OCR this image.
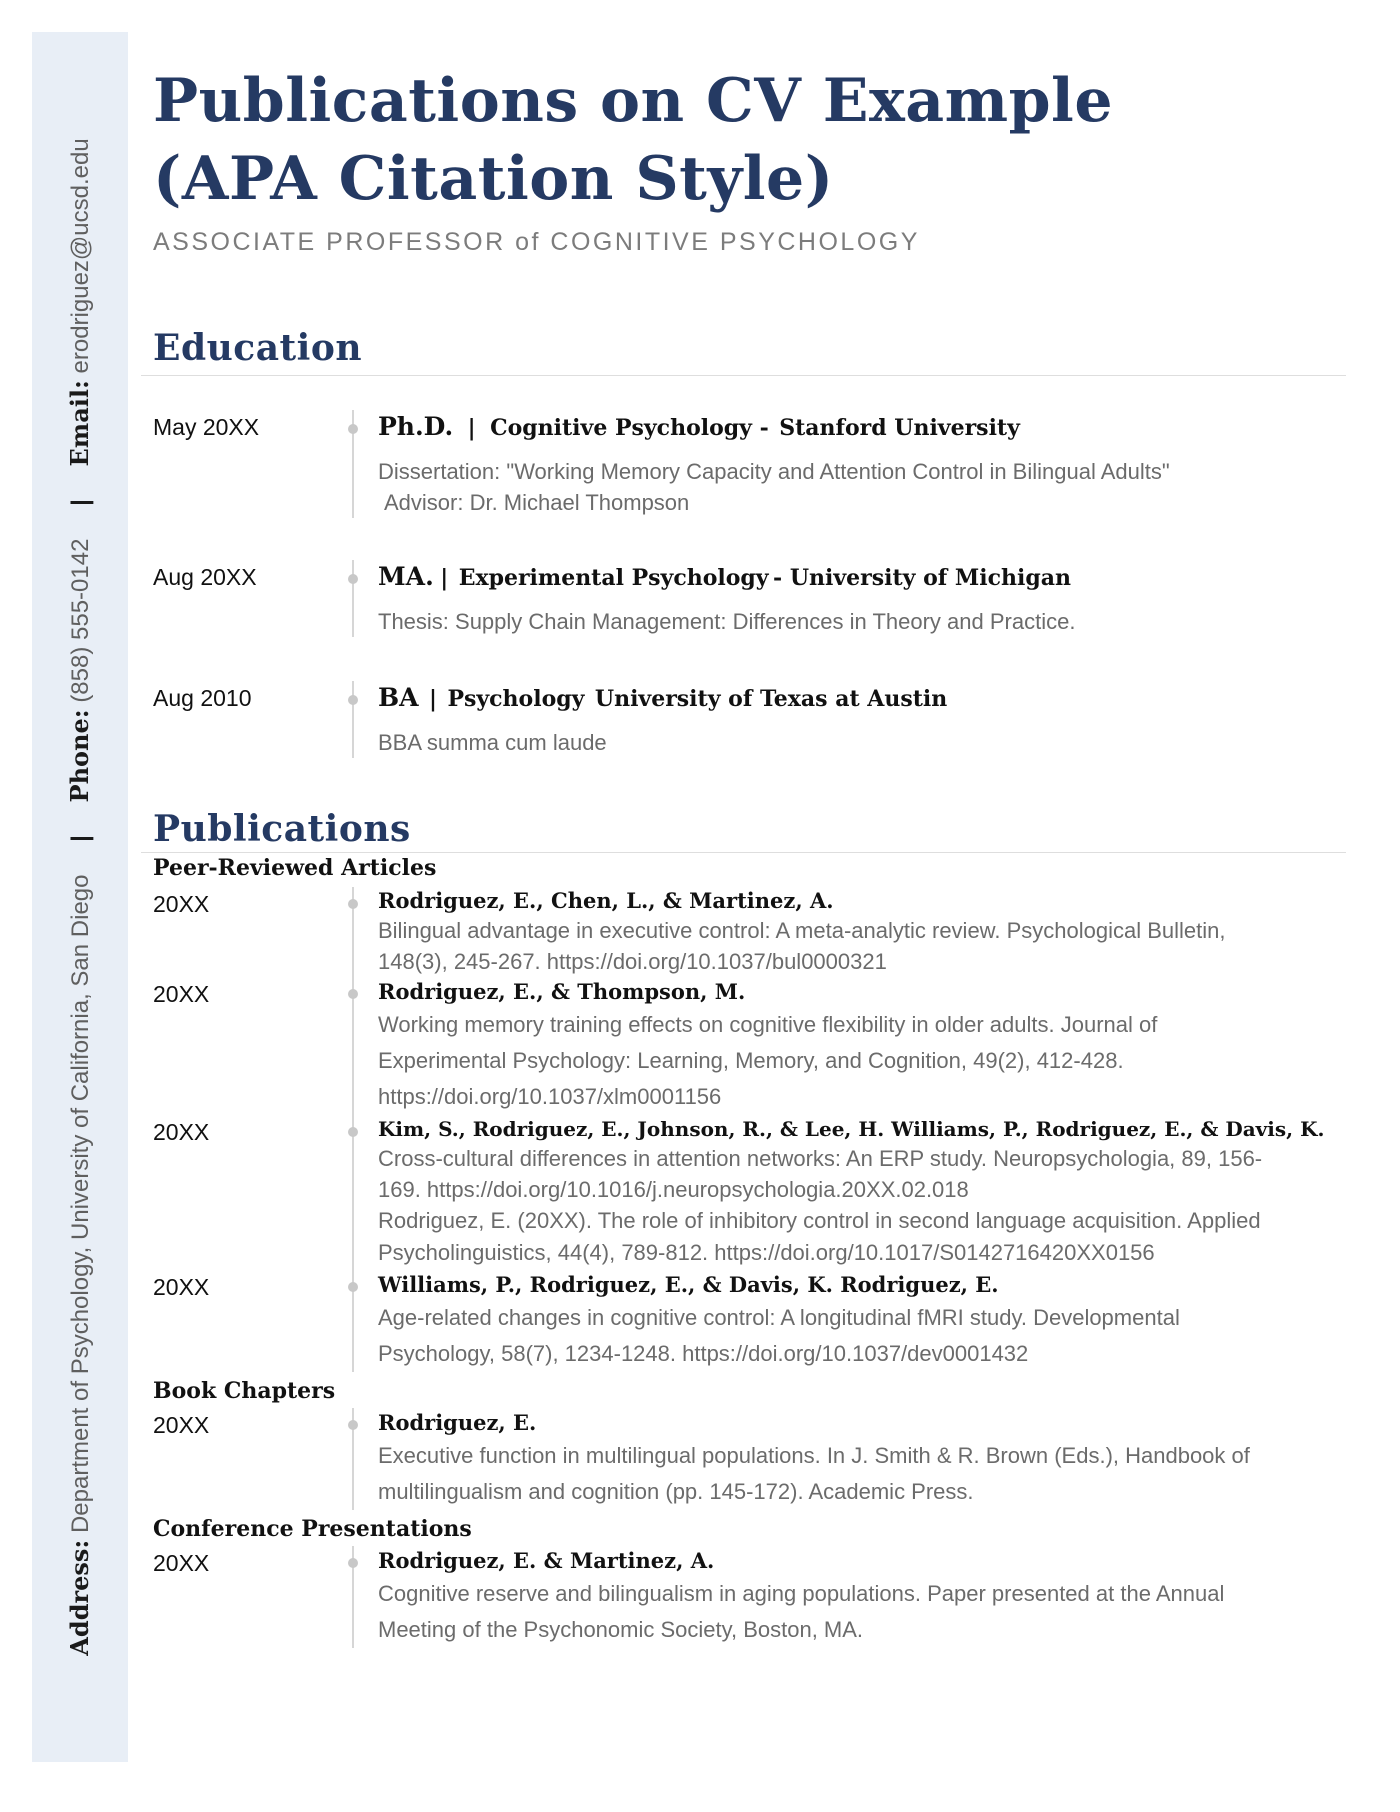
Address: Department of Psychology, University of California, San Diego | Phone: (858) 555-0142 | Email: erodriguez@ucsd.edu
Publications on CV Example
(APA Citation Style)
ASSOCIATE PROFESSOR of COGNITIVE PSYCHOLOGY
Education
May 20XX	Ph.D. | Cognitive Psychology - Stanford University
Dissertation: "Working Memory Capacity and Attention Control in Bilingual Adults"
Advisor: Dr. Michael Thompson
Aug 20XX	MA. | Experimental Psychology - University of Michigan
Thesis: Supply Chain Management: Differences in Theory and Practice.
Aug 2010	BA | Psychology University of Texas at Austin
BBA summa cum laude
Publications
Peer-Reviewed Articles
20XX	Rodriguez, E., Chen, L., & Martinez, A.
Bilingual advantage in executive control: A meta-analytic review. Psychological Bulletin,
148(3), 245-267. https://doi.org/10.1037/bul0000321
20XX	Rodriguez, E., & Thompson, M.
Working memory training effects on cognitive flexibility in older adults. Journal of
Experimental Psychology: Learning, Memory, and Cognition, 49(2), 412-428.
https://doi.org/10.1037/xlm0001156
20XX	Kim, S., Rodriguez, E., Johnson, R., & Lee, H. Williams, P., Rodriguez, E., & Davis, K.
Cross-cultural differences in attention networks: An ERP study. Neuropsychologia, 89, 156-
169. https://doi.org/10.1016/j.neuropsychologia.20XX.02.018
Rodriguez, E. (20XX). The role of inhibitory control in second language acquisition. Applied
Psycholinguistics, 44(4), 789-812. https://doi.org/10.1017/S0142716420XX0156
20XX	Williams, P., Rodriguez, E., & Davis, K. Rodriguez, E.
Age-related changes in cognitive control: A longitudinal fMRI study. Developmental
Psychology, 58(7), 1234-1248. https://doi.org/10.1037/dev0001432
Book Chapters
20XX	Rodriguez, E.
Executive function in multilingual populations. In J. Smith & R. Brown (Eds.), Handbook of
multilingualism and cognition (pp. 145-172). Academic Press.
Conference Presentations
20XX	Rodriguez, E. & Martinez, A.
Cognitive reserve and bilingualism in aging populations. Paper presented at the Annual
Meeting of the Psychonomic Society, Boston, MA.
